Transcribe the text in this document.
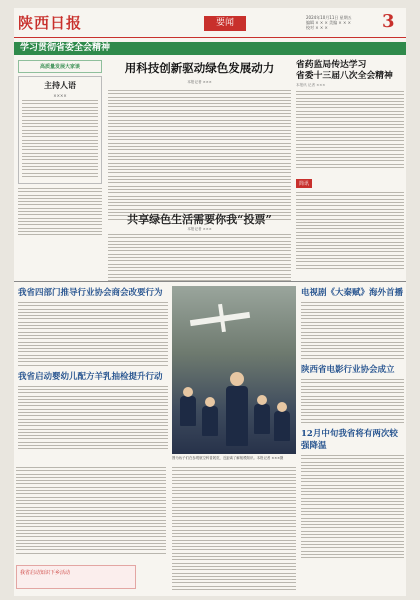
陕西日报	要闻
2024年10月11日 星期五
编辑 × × × 美编 × × ×
校对 × × ×	3
学习贯彻省委全会精神
高质量发展大家谈
主持人语
××××
用科技创新驱动绿色发展动力
本报记者 ×××
省药监局传达学习
省委十三届八次全会精神
本报讯 记者 ×××
简讯
共享绿色生活需要你我“投票”
本报记者 ×××
我省四部门推导行业协会商会改要行为
我省启动婴幼儿配方羊乳抽检提升行动
图为孩子们在参观航空科普展览，近距离了解航模知识。本报记者 ×××摄
电视剧《大秦赋》海外首播
陕西省电影行业协会成立
12月中旬我省将有两次较强降温
我省启动知识下乡活动
